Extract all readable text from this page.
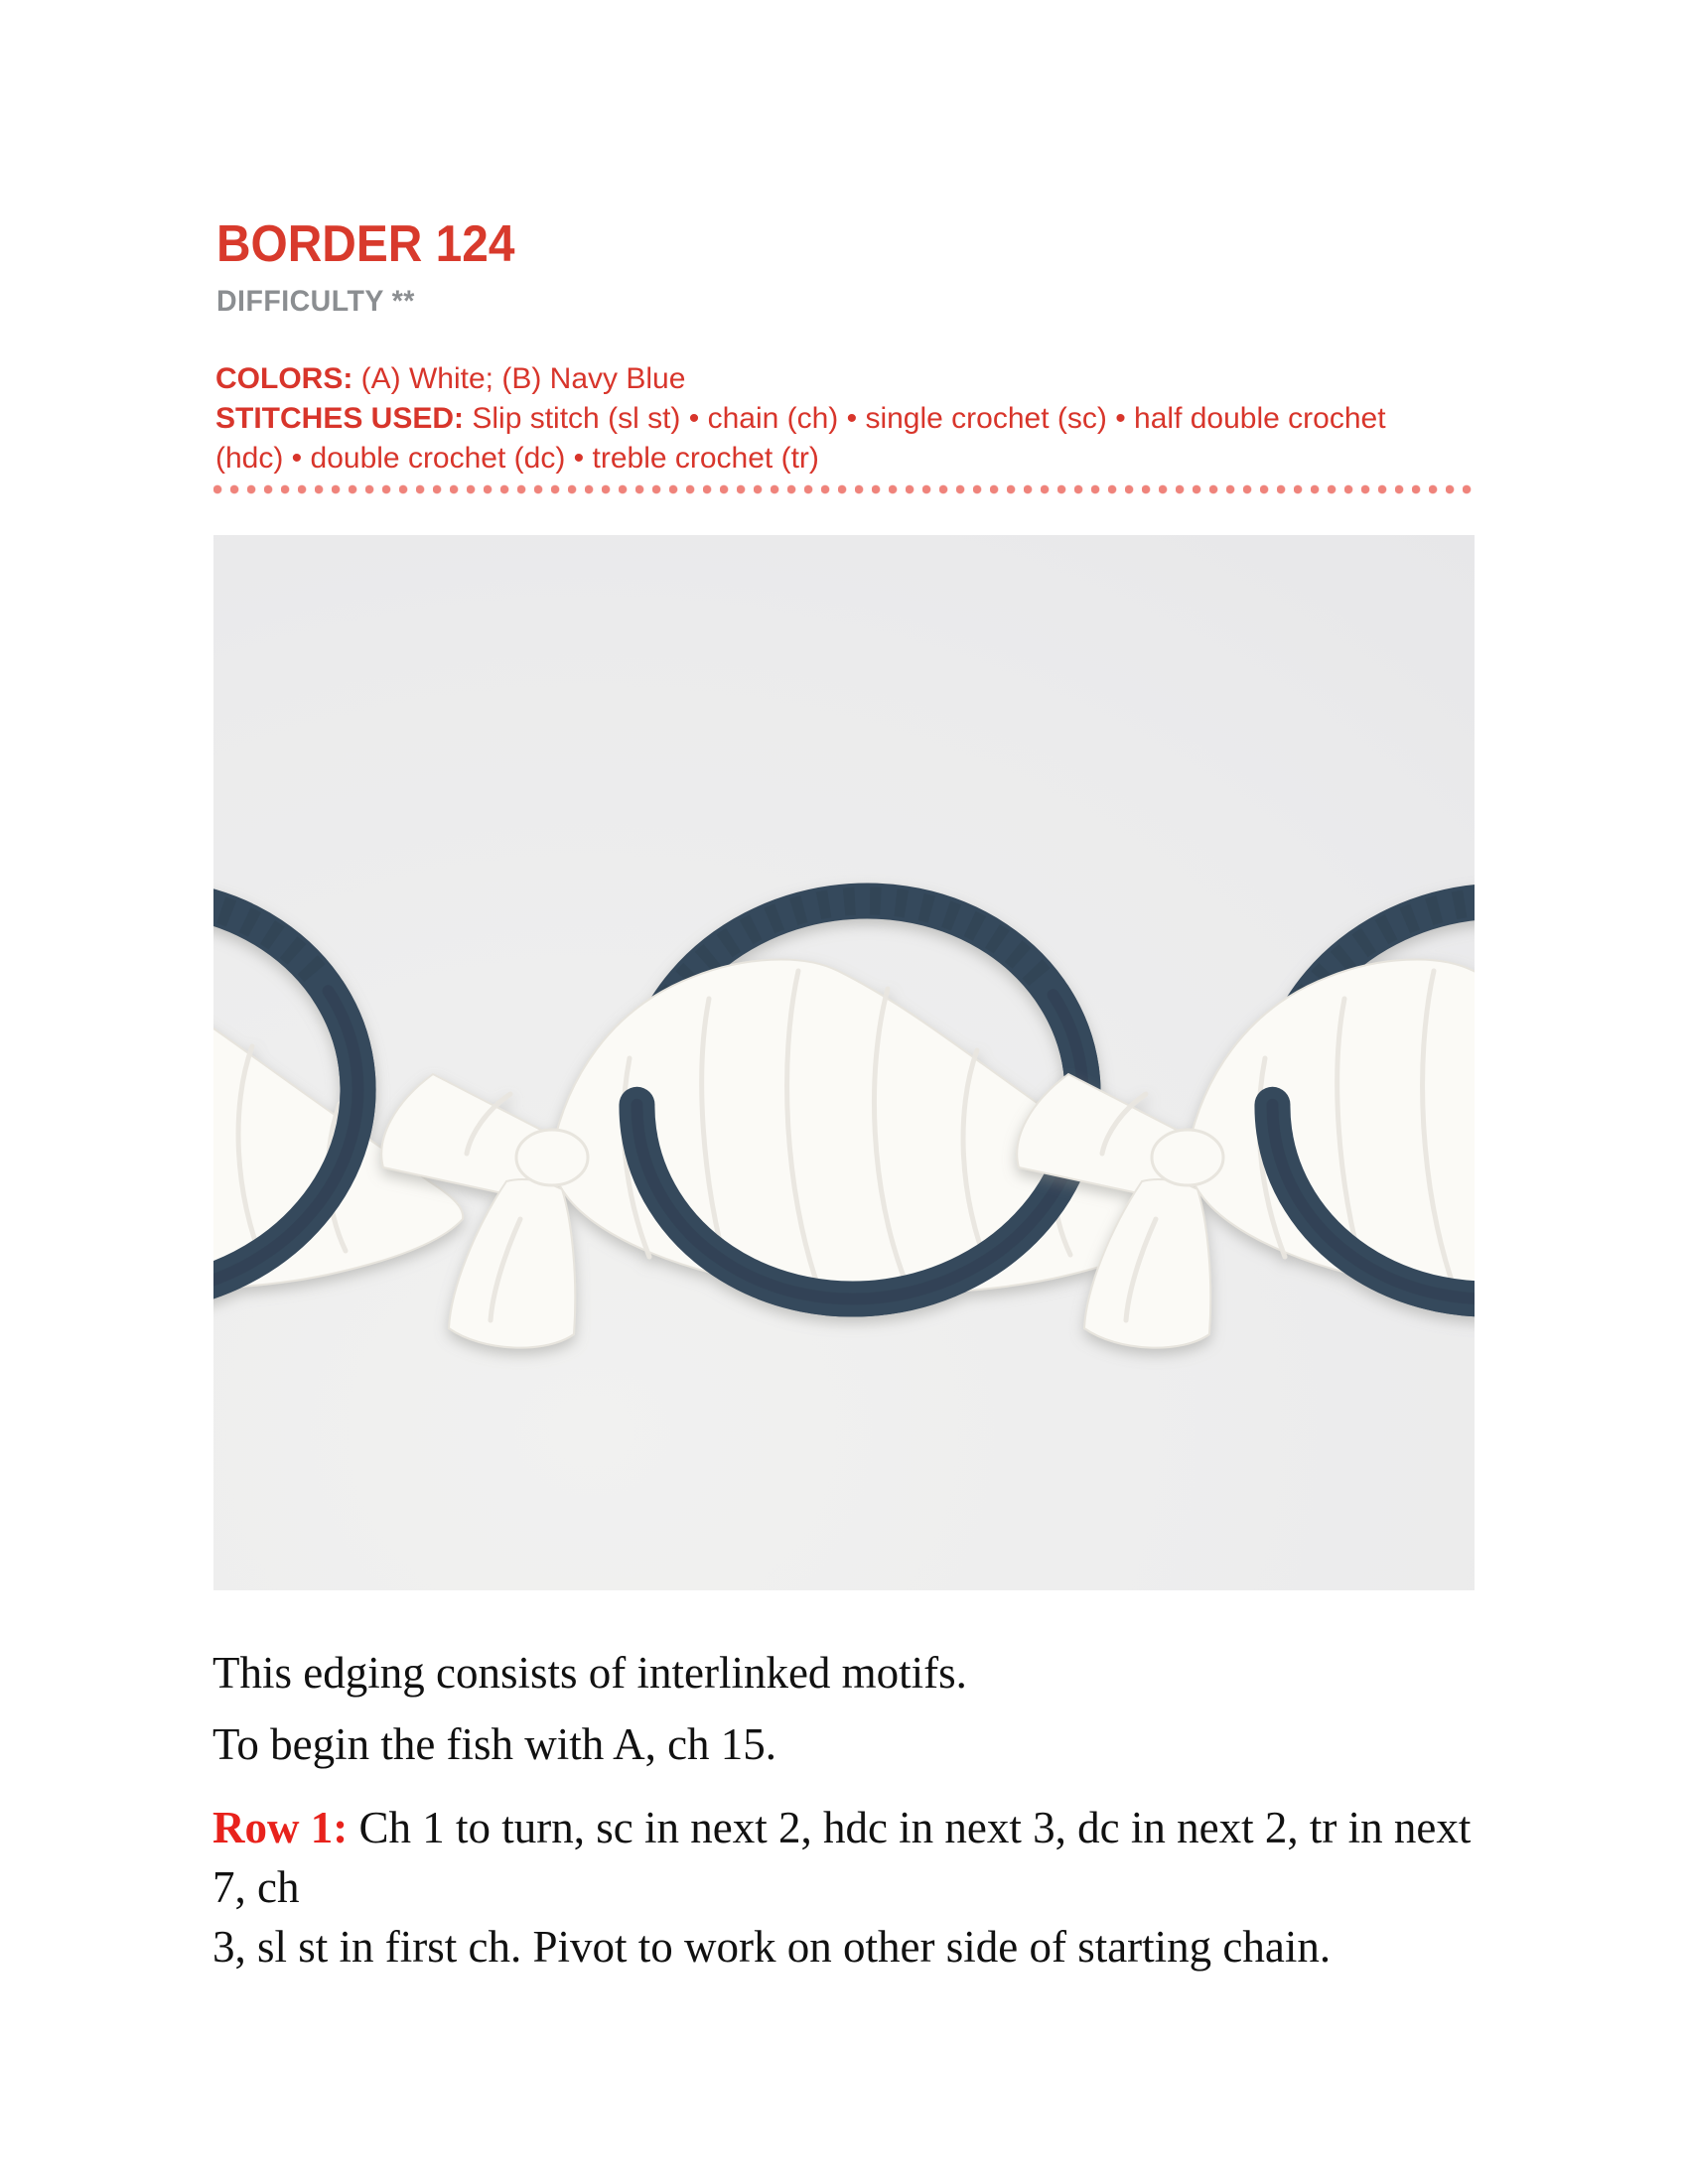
BORDER 124
DIFFICULTY **
COLORS: (A) White; (B) Navy Blue
STITCHES USED: Slip stitch (sl st) • chain (ch) • single crochet (sc) • half double crochet
(hdc) • double crochet (dc) • treble crochet (tr)
This edging consists of interlinked motifs.
To begin the fish with A, ch 15.
Row 1: Ch 1 to turn, sc in next 2, hdc in next 3, dc in next 2, tr in next 7, ch
3, sl st in first ch. Pivot to work on other side of starting chain.
